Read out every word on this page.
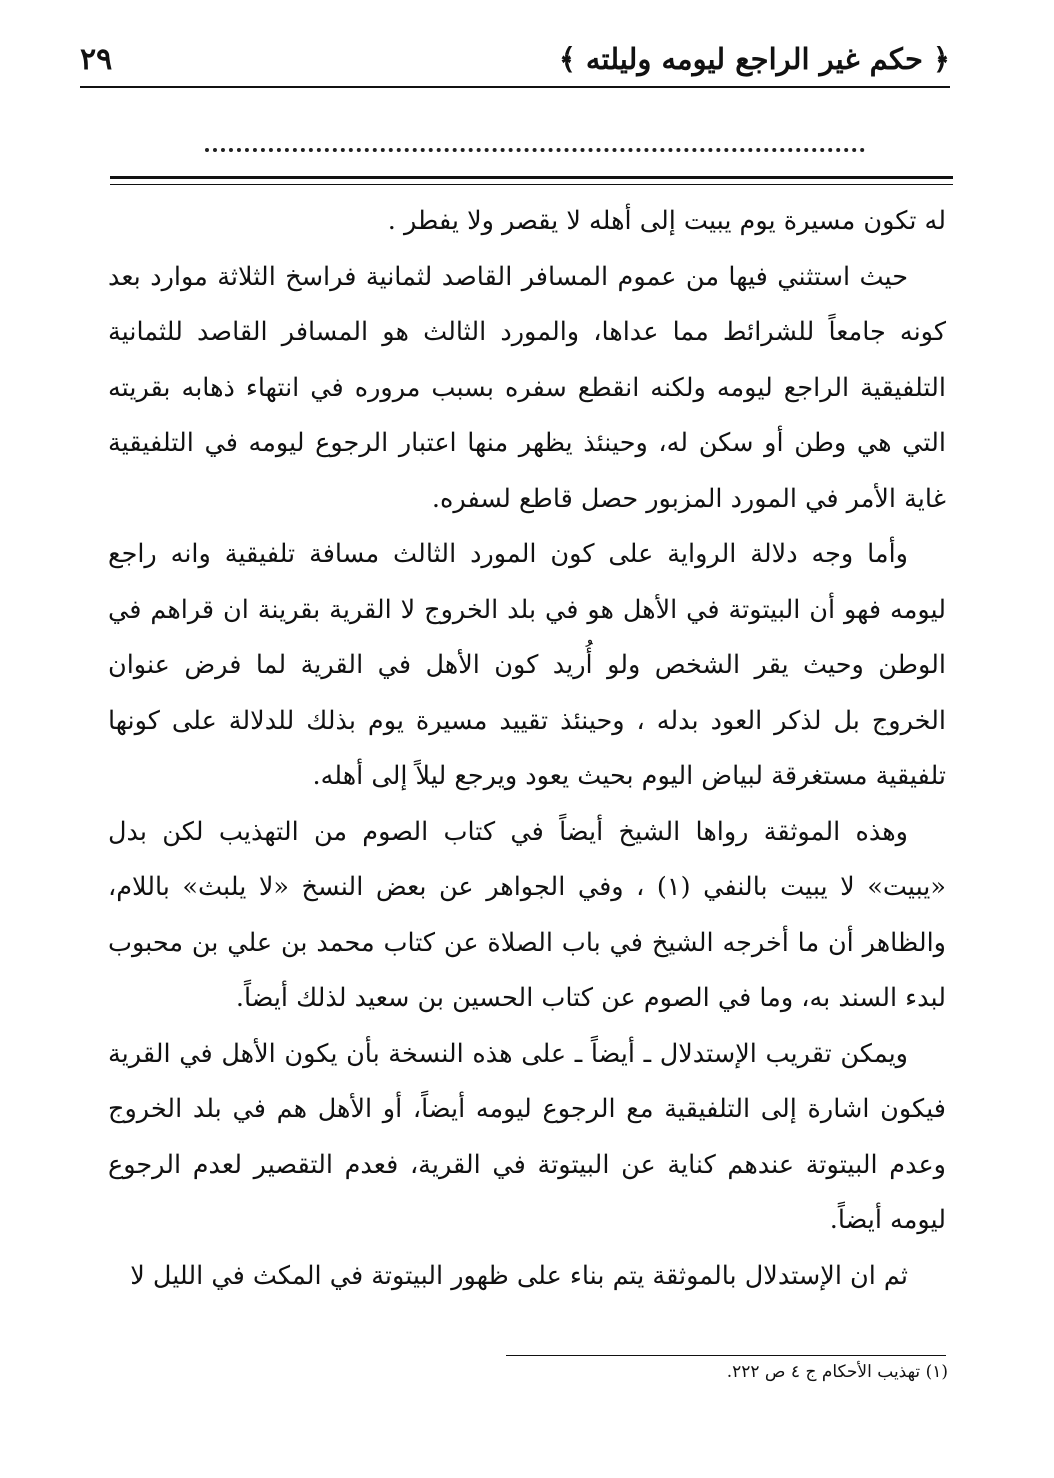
٢٩	﴿ حكم غير الراجع ليومه وليلته ﴾

له تكون مسيرة يوم يبيت إلى أهله لا يقصر ولا يفطر .

حيث استثني فيها من عموم المسافر القاصد لثمانية فراسخ الثلاثة موارد بعد كونه جامعاً للشرائط مما عداها، والمورد الثالث هو المسافر القاصد للثمانية التلفيقية الراجع ليومه ولكنه انقطع سفره بسبب مروره في انتهاء ذهابه بقريته التي هي وطن أو سكن له، وحينئذ يظهر منها اعتبار الرجوع ليومه في التلفيقية غاية الأمر في المورد المزبور حصل قاطع لسفره.

وأما وجه دلالة الرواية على كون المورد الثالث مسافة تلفيقية وانه راجع ليومه فهو أن البيتوتة في الأهل هو في بلد الخروج لا القرية بقرينة ان قراهم في الوطن وحيث يقر الشخص ولو أُريد كون الأهل في القرية لما فرض عنوان الخروج بل لذكر العود بدله ، وحينئذ تقييد مسيرة يوم بذلك للدلالة على كونها تلفيقية مستغرقة لبياض اليوم بحيث يعود ويرجع ليلاً إلى أهله.

وهذه الموثقة رواها الشيخ أيضاً في كتاب الصوم من التهذيب لكن بدل «يبيت» لا يبيت بالنفي (١) ، وفي الجواهر عن بعض النسخ «لا يلبث» باللام، والظاهر أن ما أخرجه الشيخ في باب الصلاة عن كتاب محمد بن علي بن محبوب لبدء السند به، وما في الصوم عن كتاب الحسين بن سعيد لذلك أيضاً.

ويمكن تقريب الإستدلال ـ أيضاً ـ على هذه النسخة بأن يكون الأهل في القرية فيكون اشارة إلى التلفيقية مع الرجوع ليومه أيضاً، أو الأهل هم في بلد الخروج وعدم البيتوتة عندهم كناية عن البيتوتة في القرية، فعدم التقصير لعدم الرجوع ليومه أيضاً.

ثم ان الإستدلال بالموثقة يتم بناء على ظهور البيتوتة في المكث في الليل لا

(١) تهذيب الأحكام ج ٤ ص ٢٢٢.
